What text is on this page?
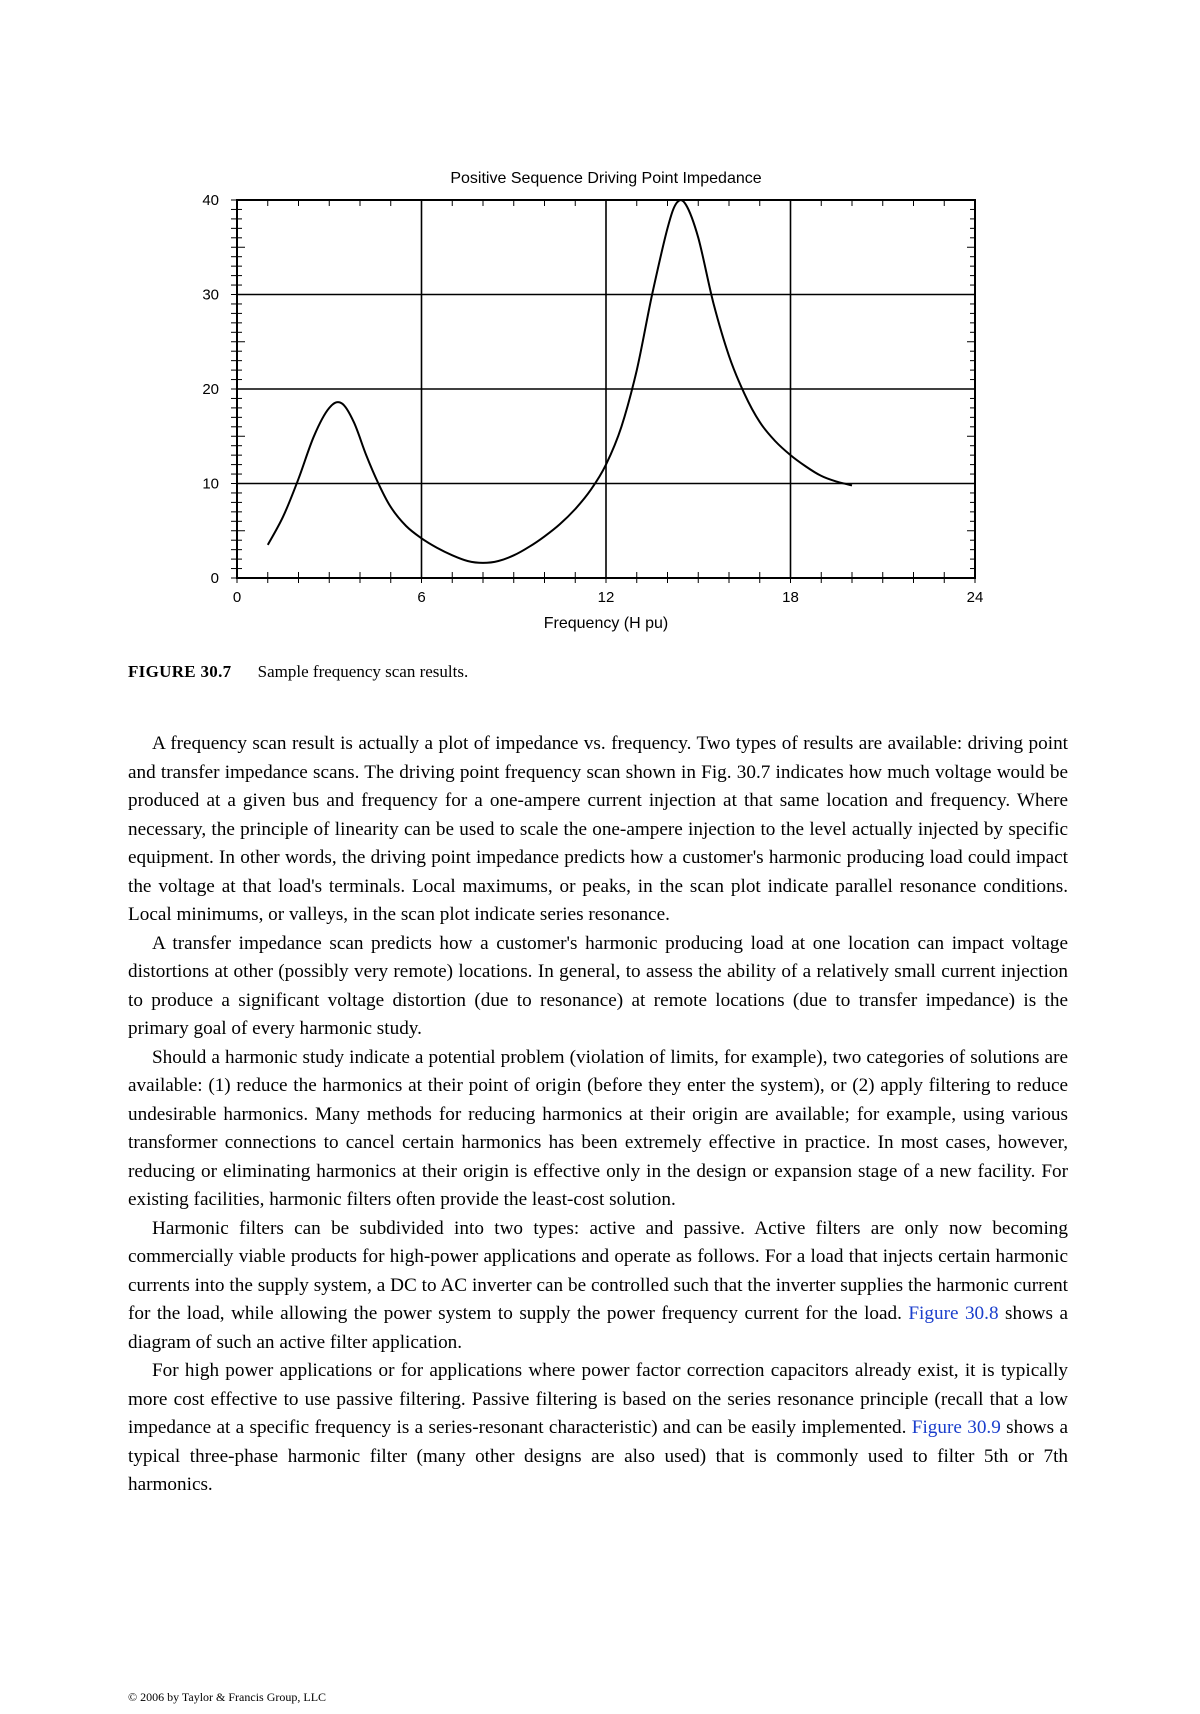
0	6	12	18	24
0
10
20
30
40
Positive Sequence Driving Point Impedance
Frequency (H pu)
FIGURE 30.7 Sample frequency scan results.

A frequency scan result is actually a plot of impedance vs. frequency. Two types of results are available: driving point and transfer impedance scans. The driving point frequency scan shown in Fig. 30.7 indicates how much voltage would be produced at a given bus and frequency for a one-ampere current injection at that same location and frequency. Where necessary, the principle of linearity can be used to scale the one-ampere injection to the level actually injected by specific equipment. In other words, the driving point impedance predicts how a customer's harmonic producing load could impact the voltage at that load's terminals. Local maximums, or peaks, in the scan plot indicate parallel resonance conditions. Local minimums, or valleys, in the scan plot indicate series resonance.

A transfer impedance scan predicts how a customer's harmonic producing load at one location can impact voltage distortions at other (possibly very remote) locations. In general, to assess the ability of a relatively small current injection to produce a significant voltage distortion (due to resonance) at remote locations (due to transfer impedance) is the primary goal of every harmonic study.

Should a harmonic study indicate a potential problem (violation of limits, for example), two categories of solutions are available: (1) reduce the harmonics at their point of origin (before they enter the system), or (2) apply filtering to reduce undesirable harmonics. Many methods for reducing harmonics at their origin are available; for example, using various transformer connections to cancel certain harmonics has been extremely effective in practice. In most cases, however, reducing or eliminating harmonics at their origin is effective only in the design or expansion stage of a new facility. For existing facilities, harmonic filters often provide the least-cost solution.

Harmonic filters can be subdivided into two types: active and passive. Active filters are only now becoming commercially viable products for high-power applications and operate as follows. For a load that injects certain harmonic currents into the supply system, a DC to AC inverter can be controlled such that the inverter supplies the harmonic current for the load, while allowing the power system to supply the power frequency current for the load. Figure 30.8 shows a diagram of such an active filter application.

For high power applications or for applications where power factor correction capacitors already exist, it is typically more cost effective to use passive filtering. Passive filtering is based on the series resonance principle (recall that a low impedance at a specific frequency is a series-resonant characteristic) and can be easily implemented. Figure 30.9 shows a typical three-phase harmonic filter (many other designs are also used) that is commonly used to filter 5th or 7th harmonics.

© 2006 by Taylor & Francis Group, LLC
